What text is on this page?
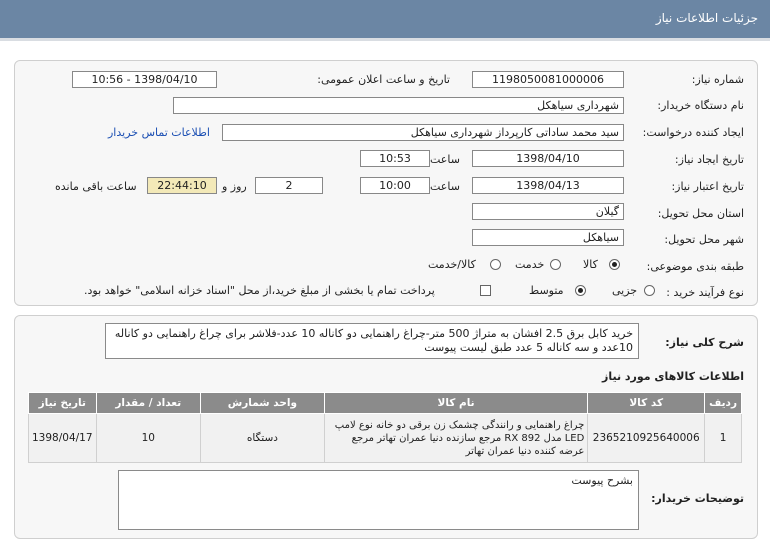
جزئیات اطلاعات نیاز
شماره نیاز:
1198050081000006
تاریخ و ساعت اعلان عمومی:
1398/04/10 - 10:56
نام دستگاه خریدار:
شهرداری سیاهکل
ایجاد کننده درخواست:
سید محمد ساداتی کارپرداز شهرداری سیاهکل
اطلاعات تماس خریدار
تاریخ ایجاد نیاز:
1398/04/10
ساعت
10:53
تاریخ اعتبار نیاز:
1398/04/13
ساعت
10:00
2
روز و
22:44:10
ساعت باقی مانده
استان محل تحویل:
گیلان
شهر محل تحویل:
سیاهکل
طبقه بندی موضوعی:
کالا
خدمت
کالا/خدمت
نوع فرآیند خرید :
جزیی
متوسط
پرداخت تمام یا بخشی از مبلغ خرید،از محل "اسناد خزانه اسلامی" خواهد بود.
شرح کلی نیاز:
خرید کابل برق 2.5 افشان به متراژ 500 متر-چراغ راهنمایی دو کاناله 10 عدد-فلاشر برای چراغ راهنمایی دو کاناله 10عدد و سه کاناله 5 عدد طبق لیست پیوست
اطلاعات کالاهای مورد نیاز
ردیف	کد کالا	نام کالا	واحد شمارش	تعداد / مقدار	تاریخ نیاز
1	2365210925640006	چراغ راهنمایی و رانندگی چشمک زن برقی دو خانه نوع لامپ LED مدل RX 892 مرجع سازنده دنیا عمران تهاتر مرجع عرضه کننده دنیا عمران تهاتر	دستگاه	10	1398/04/17
توضیحات خریدار:
بشرح پیوست
